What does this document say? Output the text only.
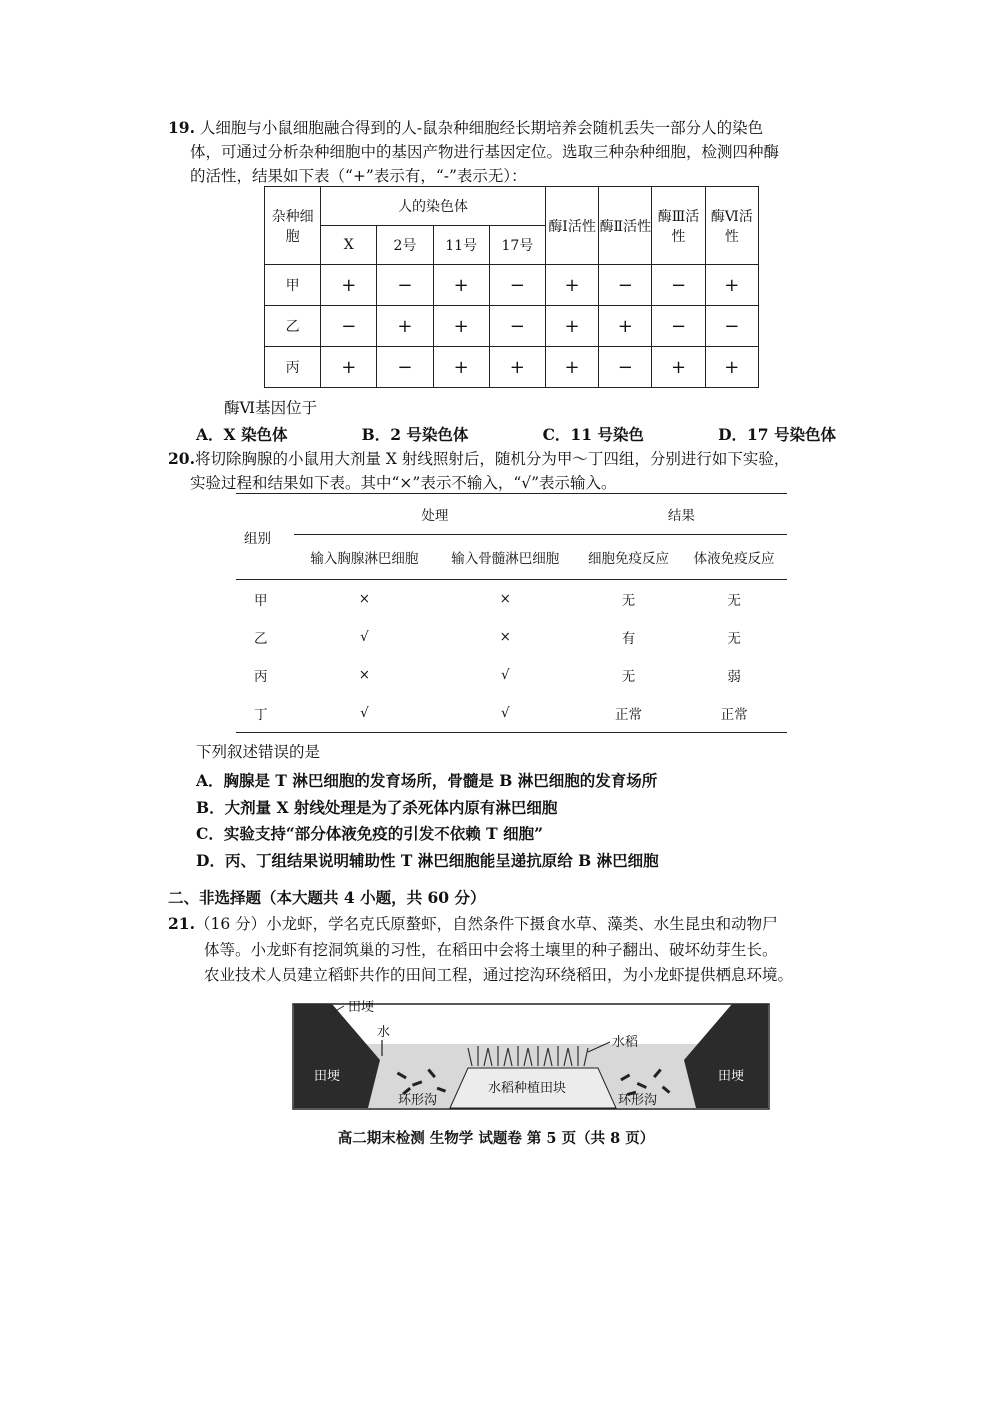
19. 人细胞与小鼠细胞融合得到的人-鼠杂种细胞经长期培养会随机丢失一部分人的染色

体，可通过分析杂种细胞中的基因产物进行基因定位。选取三种杂种细胞，检测四种酶
的活性，结果如下表（“+”表示有，“-”表示无）：
杂种细胞	人的染色体				酶Ⅰ活性	酶Ⅱ活性	酶Ⅲ活性	酶Ⅵ活性
	X	2号	11号	17号				
甲	+	−	+	−	+	−	−	+
乙	−	+	+	−	+	+	−	−
丙	+	−	+	+	+	−	+	+
酶Ⅵ基因位于
A．X 染色体	B．2 号染色体	C．11 号染色	D．17 号染色体
20.将切除胸腺的小鼠用大剂量 X 射线照射后，随机分为甲～丁四组，分别进行如下实验，

实验过程和结果如下表。其中“×”表示不输入，“√”表示输入。
组别	处理		结果	
	输入胸腺淋巴细胞	输入骨髓淋巴细胞	细胞免疫反应	体液免疫反应
甲	×	×	无	无
乙	√	×	有	无
丙	×	√	无	弱
丁	√	√	正常	正常
下列叙述错误的是
A．胸腺是 T 淋巴细胞的发育场所，骨髓是 B 淋巴细胞的发育场所
B．大剂量 X 射线处理是为了杀死体内原有淋巴细胞
C．实验支持“部分体液免疫的引发不依赖 T 细胞”
D．丙、丁组结果说明辅助性 T 淋巴细胞能呈递抗原给 B 淋巴细胞
二、非选择题（本大题共 4 小题，共 60 分）
21.（16 分）小龙虾，学名克氏原螯虾，自然条件下摄食水草、藻类、水生昆虫和动物尸

体等。小龙虾有挖洞筑巢的习性，在稻田中会将土壤里的种子翻出、破坏幼芽生长。
农业技术人员建立稻虾共作的田间工程，通过挖沟环绕稻田，为小龙虾提供栖息环境。
田埂
水
水稻
水稻种植田块
田埂	田埂
环形沟	环形沟
高二期末检测 生物学 试题卷 第 5 页（共 8 页）
